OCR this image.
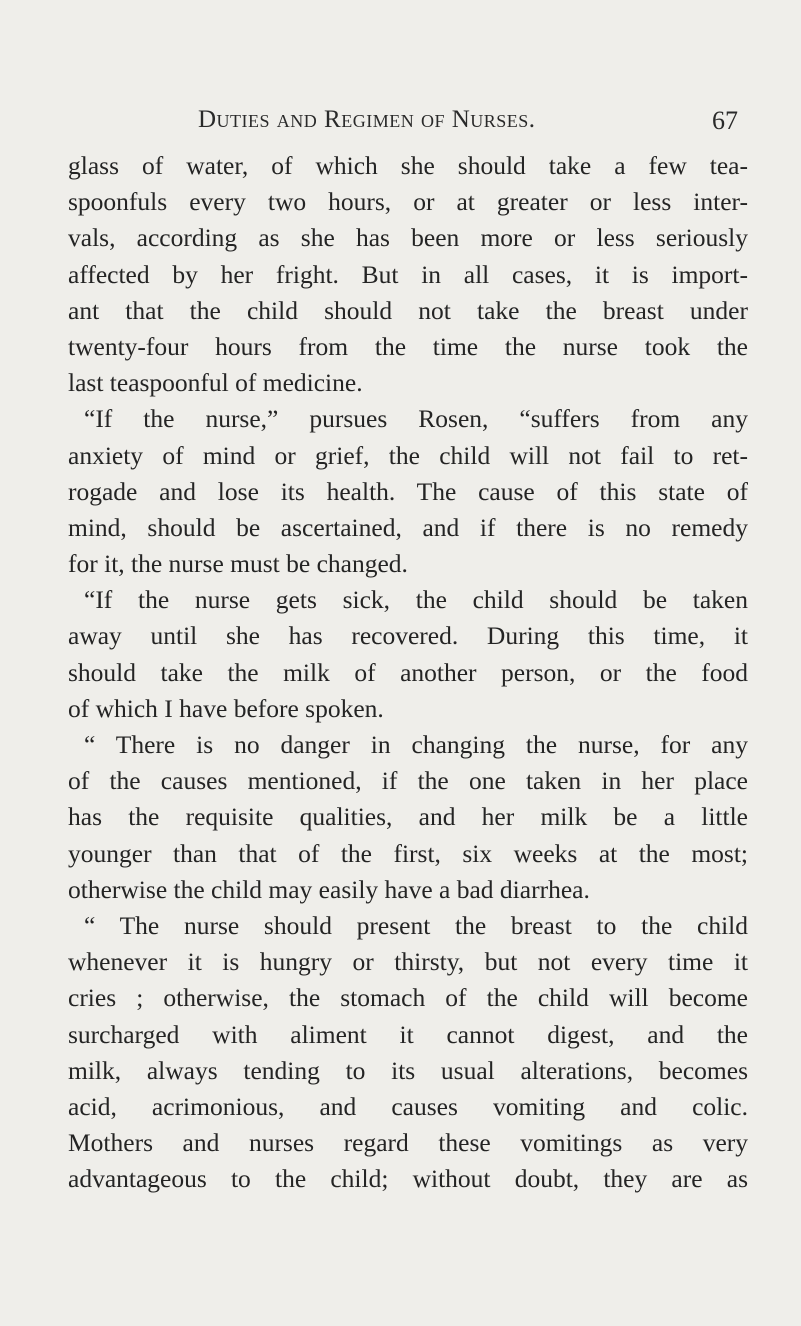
Duties and Regimen of Nurses.	67
glass of water, of which she should take a few tea-
spoonfuls every two hours, or at greater or less inter-
vals, according as she has been more or less seriously
affected by her fright. But in all cases, it is import-
ant that the child should not take the breast under
twenty-four hours from the time the nurse took the
last teaspoonful of medicine.
“If the nurse,” pursues Rosen, “suffers from any
anxiety of mind or grief, the child will not fail to ret-
rogade and lose its health. The cause of this state of
mind, should be ascertained, and if there is no remedy
for it, the nurse must be changed.
“If the nurse gets sick, the child should be taken
away until she has recovered. During this time, it
should take the milk of another person, or the food
of which I have before spoken.
“ There is no danger in changing the nurse, for any
of the causes mentioned, if the one taken in her place
has the requisite qualities, and her milk be a little
younger than that of the first, six weeks at the most;
otherwise the child may easily have a bad diarrhea.
“ The nurse should present the breast to the child
whenever it is hungry or thirsty, but not every time it
cries ; otherwise, the stomach of the child will become
surcharged with aliment it cannot digest, and the
milk, always tending to its usual alterations, becomes
acid, acrimonious, and causes vomiting and colic.
Mothers and nurses regard these vomitings as very
advantageous to the child; without doubt, they are as
